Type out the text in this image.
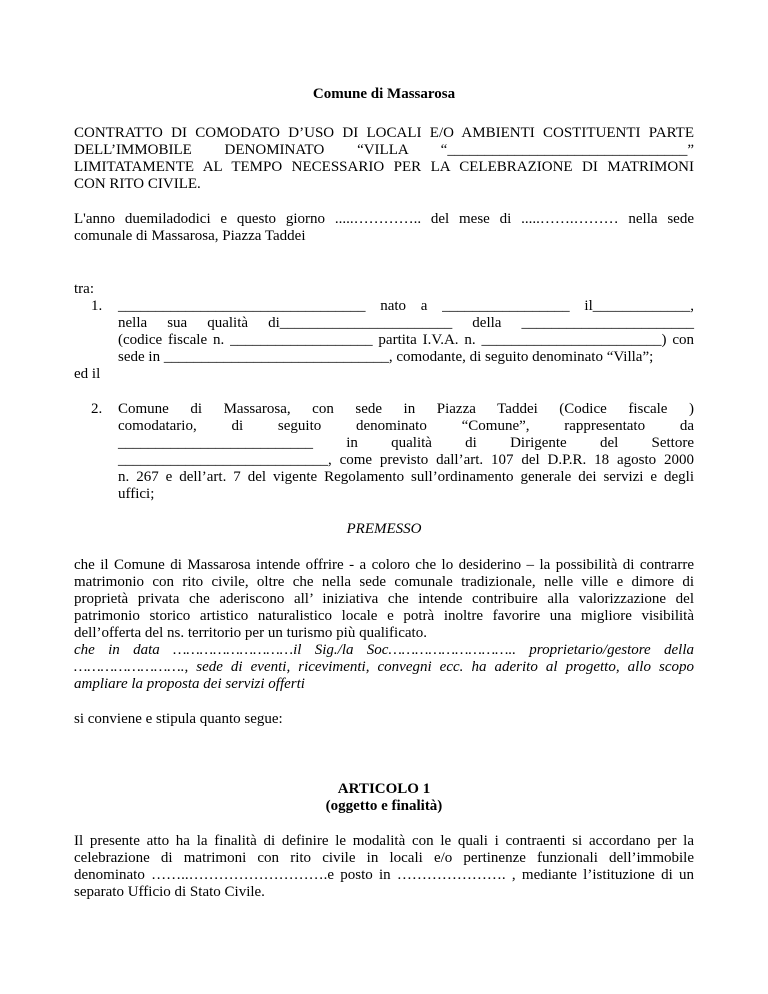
Comune di Massarosa
CONTRATTO DI COMODATO D’USO DI LOCALI E/O AMBIENTI COSTITUENTI PARTE
DELL’IMMOBILE DENOMINATO “VILLA “________________________________”
LIMITATAMENTE AL TEMPO NECESSARIO PER LA CELEBRAZIONE DI MATRIMONI
CON RITO CIVILE.
L'anno duemiladodici e questo giorno .....………….. del mese di .....…….……… nella sede
comunale di Massarosa, Piazza Taddei
tra:
1. _________________________________ nato a _________________ il_____________,
nella sua qualità di_______________________ della _______________________
(codice fiscale n. ___________________ partita I.V.A. n. ________________________) con
sede in ______________________________, comodante, di seguito denominato “Villa”;
ed il
2. Comune di Massarosa, con sede in Piazza Taddei (Codice fiscale )
comodatario, di seguito denominato “Comune”, rappresentato da
__________________________ in qualità di Dirigente del Settore
____________________________, come previsto dall’art. 107 del D.P.R. 18 agosto 2000
n. 267 e dell’art. 7 del vigente Regolamento sull’ordinamento generale dei servizi e degli
uffici;
PREMESSO
che il Comune di Massarosa intende offrire - a coloro che lo desiderino – la possibilità di contrarre
matrimonio con rito civile, oltre che nella sede comunale tradizionale, nelle ville e dimore di
proprietà privata che aderiscono all’ iniziativa che intende contribuire alla valorizzazione del
patrimonio storico artistico naturalistico locale e potrà inoltre favorire una migliore visibilità
dell’offerta del ns. territorio per un turismo più qualificato.
che in data ………………………il Sig./la Soc……………………….. proprietario/gestore della
……………………., sede di eventi, ricevimenti, convegni ecc. ha aderito al progetto, allo scopo
ampliare la proposta dei servizi offerti
si conviene e stipula quanto segue:
ARTICOLO 1
(oggetto e finalità)
Il presente atto ha la finalità di definire le modalità con le quali i contraenti si accordano per la
celebrazione di matrimoni con rito civile in locali e/o pertinenze funzionali dell’immobile
denominato ……..……………………….e posto in …………………. , mediante l’istituzione di un
separato Ufficio di Stato Civile.
